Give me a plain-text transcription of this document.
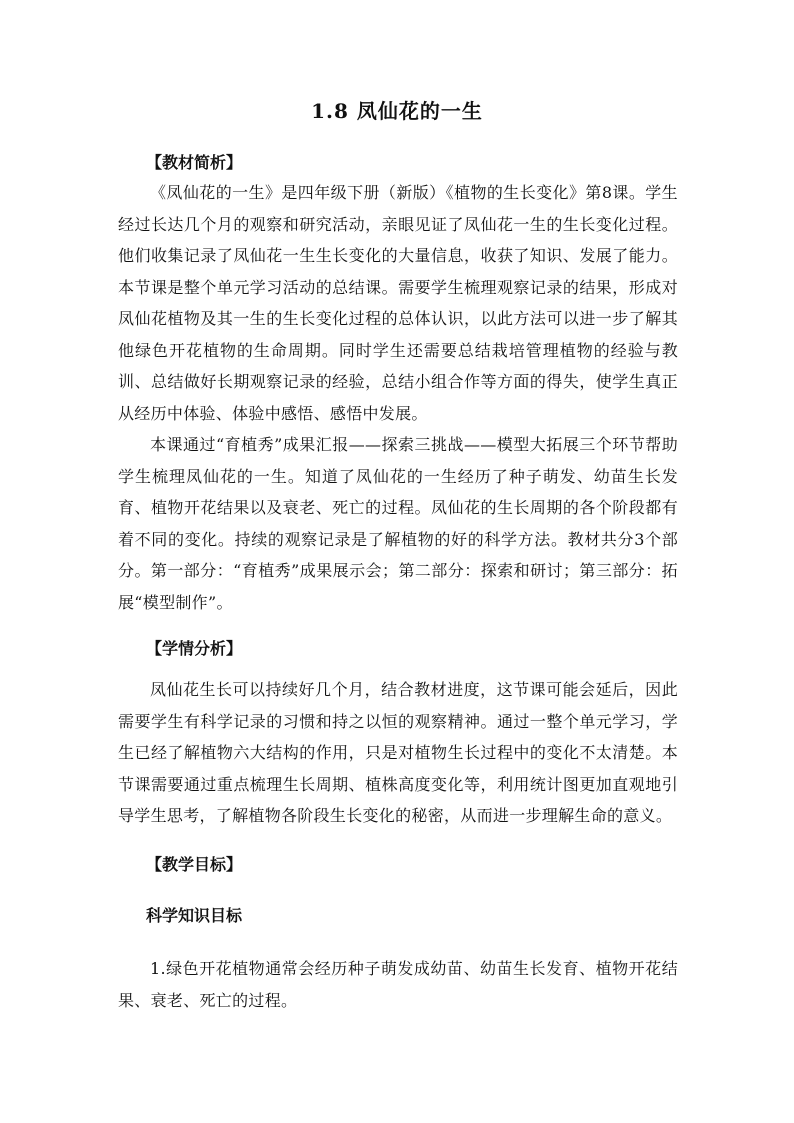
1.8 凤仙花的一生
【教材简析】
《凤仙花的一生》是四年级下册（新版）《植物的生长变化》第8课。学生经过长达几个月的观察和研究活动，亲眼见证了凤仙花一生的生长变化过程。他们收集记录了凤仙花一生生长变化的大量信息，收获了知识、发展了能力。本节课是整个单元学习活动的总结课。需要学生梳理观察记录的结果，形成对凤仙花植物及其一生的生长变化过程的总体认识，以此方法可以进一步了解其他绿色开花植物的生命周期。同时学生还需要总结栽培管理植物的经验与教训、总结做好长期观察记录的经验，总结小组合作等方面的得失，使学生真正从经历中体验、体验中感悟、感悟中发展。
本课通过“育植秀”成果汇报——探索三挑战——模型大拓展三个环节帮助学生梳理凤仙花的一生。知道了凤仙花的一生经历了种子萌发、幼苗生长发育、植物开花结果以及衰老、死亡的过程。凤仙花的生长周期的各个阶段都有着不同的变化。持续的观察记录是了解植物的好的科学方法。教材共分3个部分。第一部分：“育植秀”成果展示会；第二部分：探索和研讨；第三部分：拓展“模型制作”。
【学情分析】
凤仙花生长可以持续好几个月，结合教材进度，这节课可能会延后，因此需要学生有科学记录的习惯和持之以恒的观察精神。通过一整个单元学习，学生已经了解植物六大结构的作用，只是对植物生长过程中的变化不太清楚。本节课需要通过重点梳理生长周期、植株高度变化等，利用统计图更加直观地引导学生思考，了解植物各阶段生长变化的秘密，从而进一步理解生命的意义。
【教学目标】
科学知识目标
1.绿色开花植物通常会经历种子萌发成幼苗、幼苗生长发育、植物开花结果、衰老、死亡的过程。
